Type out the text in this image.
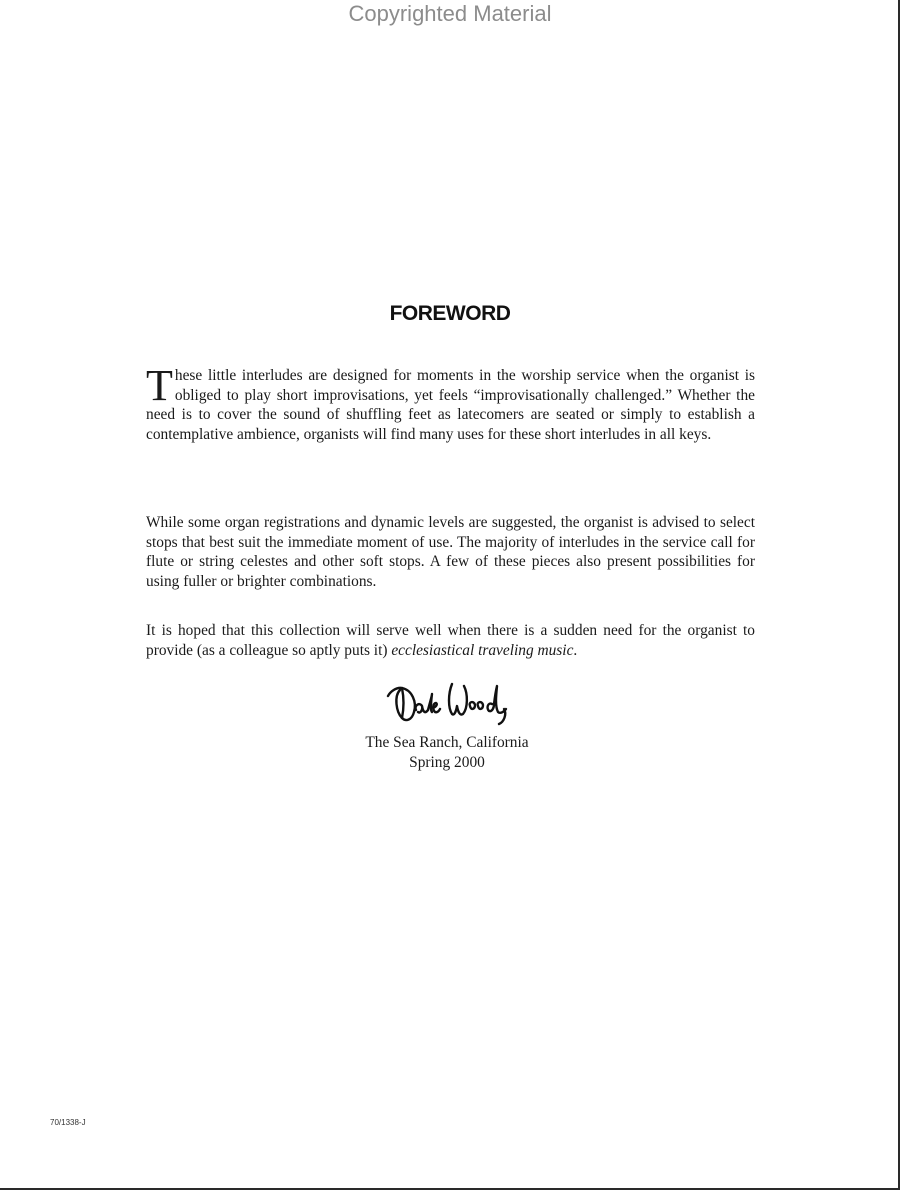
Copyrighted Material
FOREWORD

These little interludes are designed for moments in the worship service when the organist is obliged to play short improvisations, yet feels “improvisationally challenged.” Whether the need is to cover the sound of shuffling feet as latecomers are seated or simply to establish a contemplative ambience, organists will find many uses for these short interludes in all keys.

While some organ registrations and dynamic levels are suggested, the organist is advised to select stops that best suit the immediate moment of use. The majority of interludes in the service call for flute or string celestes and other soft stops. A few of these pieces also present possibilities for using fuller or brighter combinations.

It is hoped that this collection will serve well when there is a sudden need for the organist to provide (as a colleague so aptly puts it) ecclesiastical traveling music.

The Sea Ranch, California
Spring 2000
70/1338-J
